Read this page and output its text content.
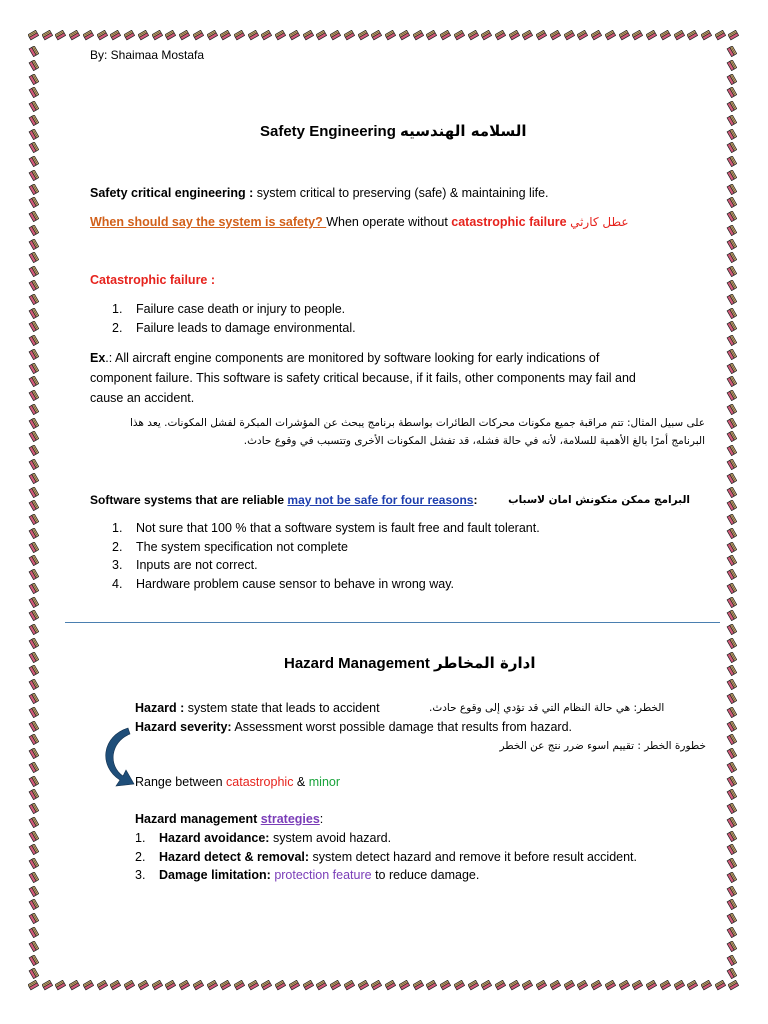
By: Shaimaa Mostafa
Safety Engineering السلامه الهندسيه
Safety critical engineering : system critical to preserving (safe) & maintaining life.
When should say the system is safety? When operate without catastrophic failure عطل كارثي
Catastrophic failure :
1. Failure case death or injury to people.
2. Failure leads to damage environmental.
Ex.: All aircraft engine components are monitored by software looking for early indications of
component failure. This software is safety critical because, if it fails, other components may fail and
cause an accident.
على سبيل المثال: تتم مراقبة جميع مكونات محركات الطائرات بواسطة برنامج يبحث عن المؤشرات المبكرة لفشل المكونات. يعد هذا
البرنامج أمرًا بالغ الأهمية للسلامة، لأنه في حالة فشله، قد تفشل المكونات الأخرى وتتسبب في وقوع حادث.
Software systems that are reliable may not be safe for four reasons:	البرامج ممكن متكونش امان لاسباب
1. Not sure that 100 % that a software system is fault free and fault tolerant.
2. The system specification not complete
3. Inputs are not correct.
4. Hardware problem cause sensor to behave in wrong way.
Hazard Management ادارة المخاطر
Hazard : system state that leads to accident	الخطر: هي حالة النظام التي قد تؤدي إلى وقوع حادث.
Hazard severity: Assessment worst possible damage that results from hazard.
خطورة الخطر : تقييم اسوء ضرر نتج عن الخطر
Range between catastrophic & minor
Hazard management strategies:
1. Hazard avoidance: system avoid hazard.
2. Hazard detect & removal: system detect hazard and remove it before result accident.
3. Damage limitation: protection feature to reduce damage.
